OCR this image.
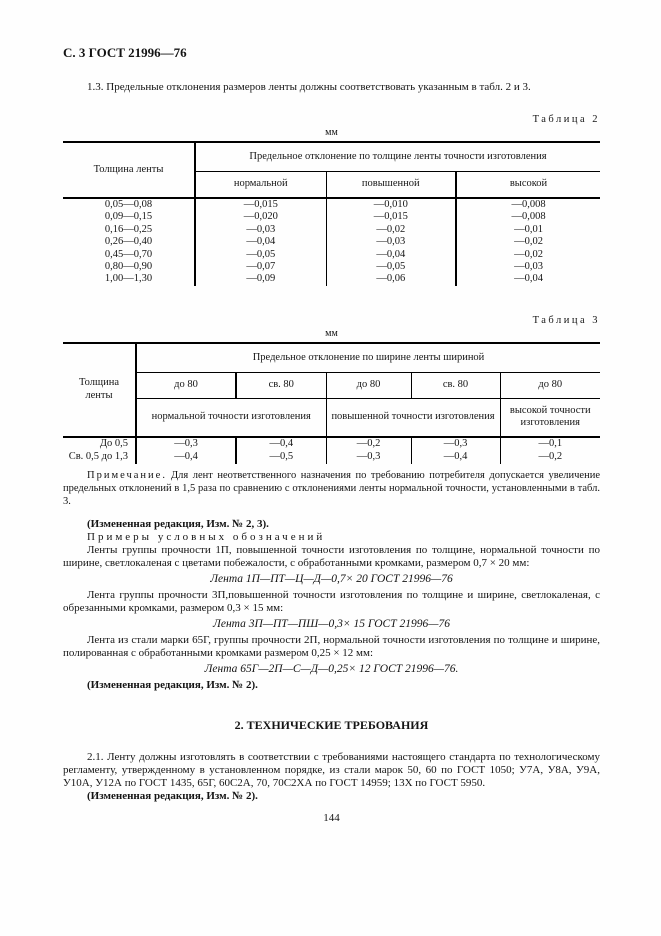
С. 3 ГОСТ 21996—76

1.3. Предельные отклонения размеров ленты должны соответствовать указанным в табл. 2 и 3.

Таблица 2
мм
Толщина ленты	Предельное отклонение по толщине ленты точности изготовления		
	нормальной	повышенной	высокой
0,05—0,08	—0,015	—0,010	—0,008
0,09—0,15	—0,020	—0,015	—0,008
0,16—0,25	—0,03	—0,02	—0,01
0,26—0,40	—0,04	—0,03	—0,02
0,45—0,70	—0,05	—0,04	—0,02
0,80—0,90	—0,07	—0,05	—0,03
1,00—1,30	—0,09	—0,06	—0,04
Таблица 3
мм
Толщина ленты	Предельное отклонение по ширине ленты шириной				
	до 80	св. 80	до 80	св. 80	до 80
	нормальной точности изготовления		повышенной точности изготовления		высокой точности изготовления
До 0,5	—0,3	—0,4	—0,2	—0,3	—0,1
Св. 0,5 до 1,3	—0,4	—0,5	—0,3	—0,4	—0,2

Примечание. Для лент неответственного назначения по требованию потребителя допускается увеличение предельных отклонений в 1,5 раза по сравнению с отклонениями ленты нормальной точности, установленными в табл. 3.

(Измененная редакция, Изм. № 2, 3).

Примеры условных обозначений

Ленты группы прочности 1П, повышенной точности изготовления по толщине, нормальной точности по ширине, светлокаленая с цветами побежалости, с обработанными кромками, размером 0,7 × 20 мм:

Лента 1П—ПТ—Ц—Д—0,7× 20 ГОСТ 21996—76

Лента группы прочности 3П,повышенной точности изготовления по толщине и ширине, светлокаленая, с обрезанными кромками, размером 0,3 × 15 мм:

Лента 3П—ПТ—ПШ—0,3× 15 ГОСТ 21996—76

Лента из стали марки 65Г, группы прочности 2П, нормальной точности изготовления по толщине и ширине, полированная с обработанными кромками размером 0,25 × 12 мм:

Лента 65Г—2П—С—Д—0,25× 12 ГОСТ 21996—76.

(Измененная редакция, Изм. № 2).

2. ТЕХНИЧЕСКИЕ ТРЕБОВАНИЯ

2.1. Ленту должны изготовлять в соответствии с требованиями настоящего стандарта по технологическому регламенту, утвержденному в установленном порядке, из стали марок 50, 60 по ГОСТ 1050; У7А, У8А, У9А, У10А, У12А по ГОСТ 1435, 65Г, 60С2А, 70, 70С2ХА по ГОСТ 14959; 13Х по ГОСТ 5950.

(Измененная редакция, Изм. № 2).

144
